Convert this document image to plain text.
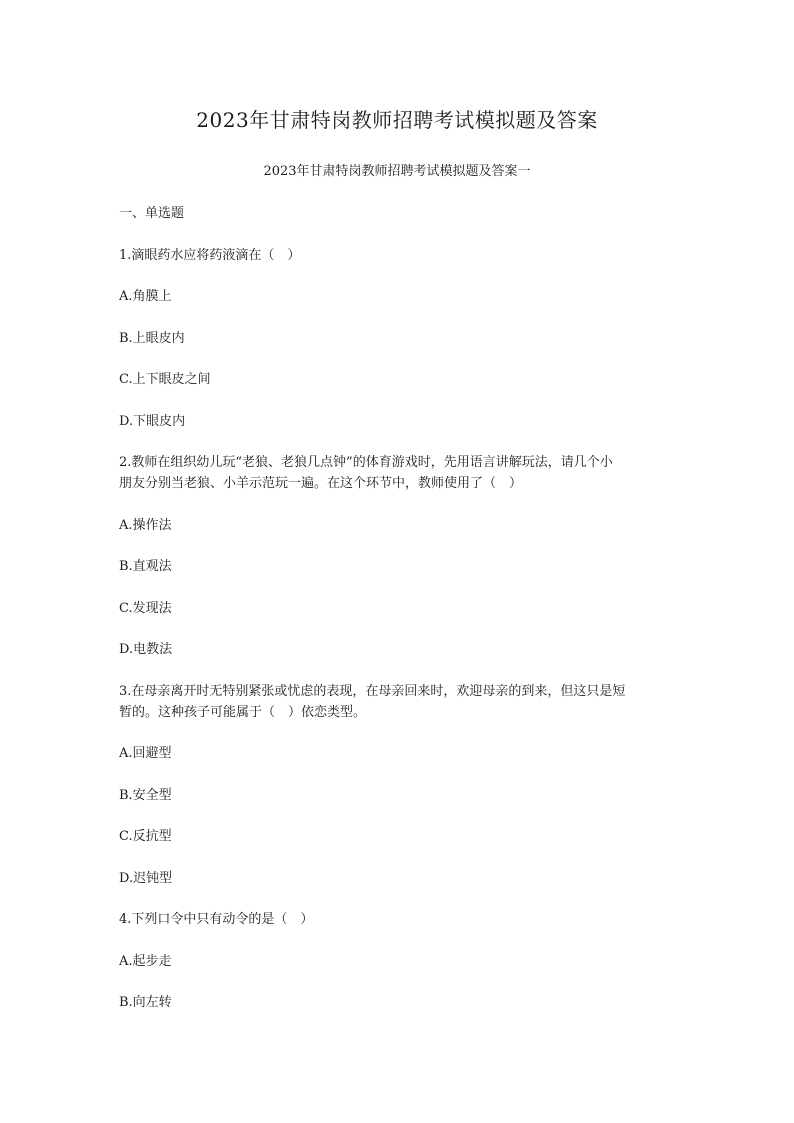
2023年甘肃特岗教师招聘考试模拟题及答案
2023年甘肃特岗教师招聘考试模拟题及答案一
一、单选题
1.滴眼药水应将药液滴在（　）
A.角膜上
B.上眼皮内
C.上下眼皮之间
D.下眼皮内
2.教师在组织幼儿玩“老狼、老狼几点钟”的体育游戏时，先用语言讲解玩法，请几个小
朋友分别当老狼、小羊示范玩一遍。在这个环节中，教师使用了（　）
A.操作法
B.直观法
C.发现法
D.电教法
3.在母亲离开时无特别紧张或忧虑的表现，在母亲回来时，欢迎母亲的到来，但这只是短
暂的。这种孩子可能属于（　）依恋类型。
A.回避型
B.安全型
C.反抗型
D.迟钝型
4.下列口令中只有动令的是（　）
A.起步走
B.向左转
